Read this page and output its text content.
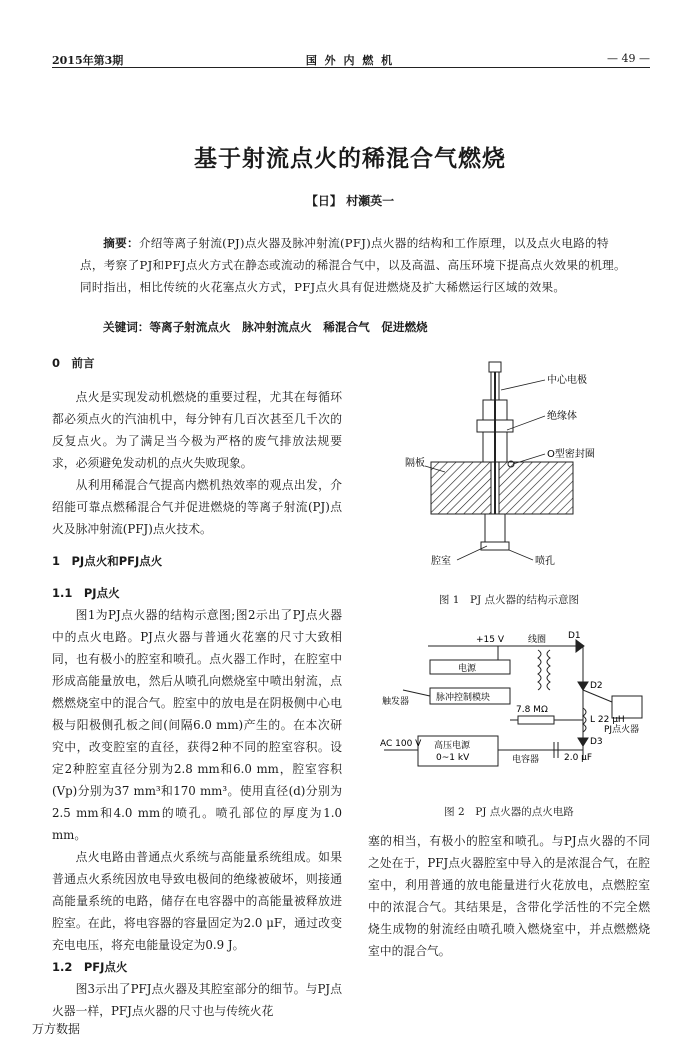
2015年第3期	国 外 内 燃 机	— 49 —
基于射流点火的稀混合气燃烧
【日】 村瀬英一
摘要：介绍等离子射流(PJ)点火器及脉冲射流(PFJ)点火器的结构和工作原理，以及点火电路的特点，考察了PJ和PFJ点火方式在静态或流动的稀混合气中，以及高温、高压环境下提高点火效果的机理。同时指出，相比传统的火花塞点火方式，PFJ点火具有促进燃烧及扩大稀燃运行区域的效果。
关键词：等离子射流点火　脉冲射流点火　稀混合气　促进燃烧
0　前言

点火是实现发动机燃烧的重要过程，尤其在每循环都必须点火的汽油机中，每分钟有几百次甚至几千次的反复点火。为了满足当今极为严格的废气排放法规要求，必须避免发动机的点火失败现象。

从利用稀混合气提高内燃机热效率的观点出发，介绍能可靠点燃稀混合气并促进燃烧的等离子射流(PJ)点火及脉冲射流(PFJ)点火技术。

1　PJ点火和PFJ点火
1.1　PJ点火

图1为PJ点火器的结构示意图;图2示出了PJ点火器中的点火电路。PJ点火器与普通火花塞的尺寸大致相同，也有极小的腔室和喷孔。点火器工作时，在腔室中形成高能量放电，然后从喷孔向燃烧室中喷出射流，点燃燃烧室中的混合气。腔室中的放电是在阴极侧中心电极与阳极侧孔板之间(间隔6.0 mm)产生的。在本次研究中，改变腔室的直径，获得2种不同的腔室容积。设定2种腔室直径分别为2.8 mm和6.0 mm，腔室容积(Vp)分别为37 mm³和170 mm³。使用直径(d)分别为2.5 mm和4.0 mm的喷孔。喷孔部位的厚度为1.0 mm。

点火电路由普通点火系统与高能量系统组成。如果普通点火系统因放电导致电极间的绝缘被破坏，则接通高能量系统的电路，储存在电容器中的高能量被释放进腔室。在此，将电容器的容量固定为2.0 μF，通过改变充电电压，将充电能量设定为0.9 J。

1.2　PFJ点火

图3示出了PFJ点火器及其腔室部分的细节。与PJ点火器一样，PFJ点火器的尺寸也与传统火花

中心电极
绝缘体
O型密封圈
隔板
腔室	喷孔
图 1　PJ 点火器的结构示意图
+15 V	线圈 D1
电源
脉冲控制模块
触发器
D2
L 22 μH
7.8 MΩ
D3
PJ点火器
AC 100 V 高压电源
0~1 kV	电容器	2.0 μF
图 2　PJ 点火器的点火电路

塞的相当，有极小的腔室和喷孔。与PJ点火器的不同之处在于，PFJ点火器腔室中导入的是浓混合气，在腔室中，利用普通的放电能量进行火花放电，点燃腔室中的浓混合气。其结果是，含带化学活性的不完全燃烧生成物的射流经由喷孔喷入燃烧室中，并点燃燃烧室中的混合气。

万方数据
